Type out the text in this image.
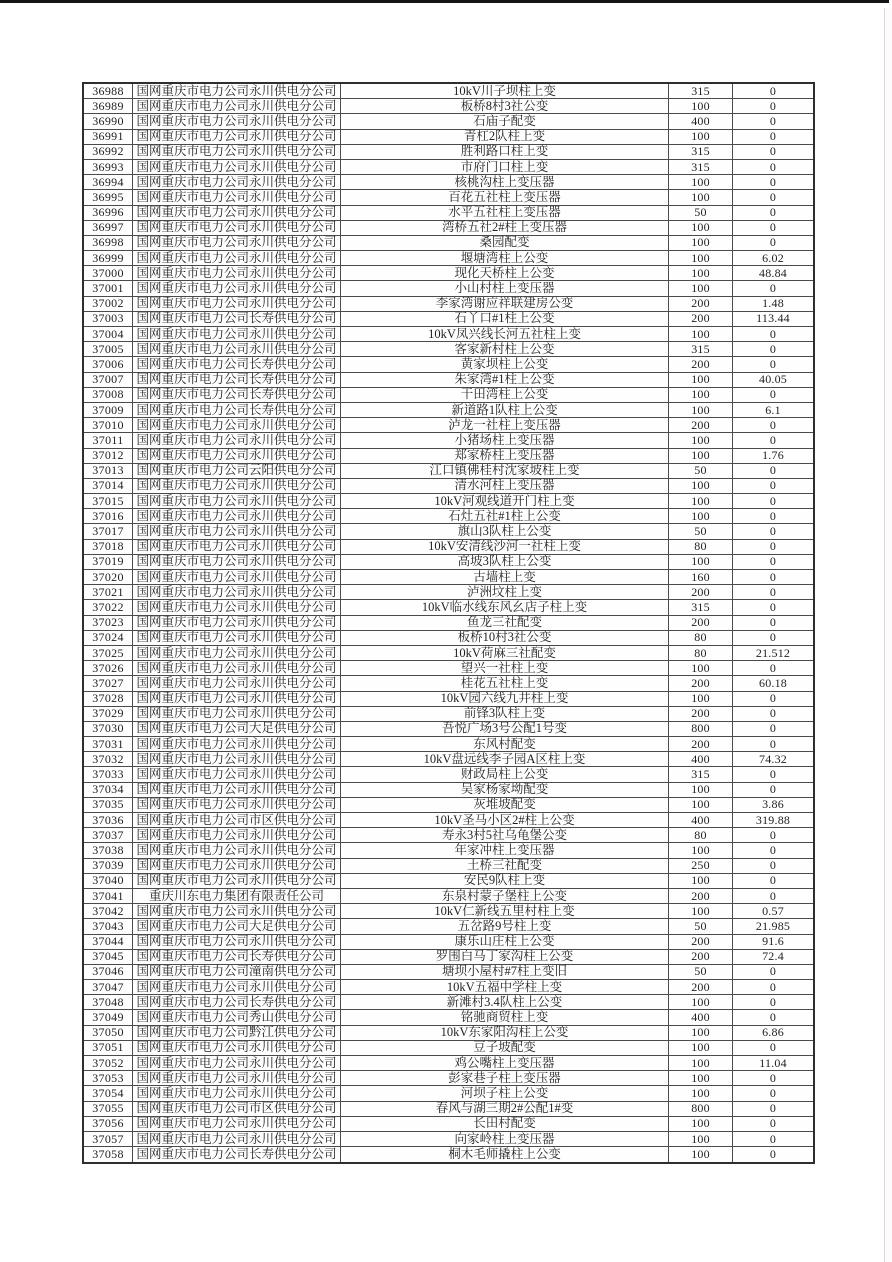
36988	国网重庆市电力公司永川供电分公司	10kV川子坝柱上变	315	0
36989	国网重庆市电力公司永川供电分公司	板桥8村3社公变	100	0
36990	国网重庆市电力公司永川供电分公司	石庙子配变	400	0
36991	国网重庆市电力公司永川供电分公司	青杠2队柱上变	100	0
36992	国网重庆市电力公司永川供电分公司	胜利路口柱上变	315	0
36993	国网重庆市电力公司永川供电分公司	市府门口柱上变	315	0
36994	国网重庆市电力公司永川供电分公司	核桃沟柱上变压器	100	0
36995	国网重庆市电力公司永川供电分公司	百花五社柱上变压器	100	0
36996	国网重庆市电力公司永川供电分公司	水平五社柱上变压器	50	0
36997	国网重庆市电力公司永川供电分公司	湾桥五社2#柱上变压器	100	0
36998	国网重庆市电力公司永川供电分公司	桑园配变	100	0
36999	国网重庆市电力公司永川供电分公司	堰塘湾柱上公变	100	6.02
37000	国网重庆市电力公司永川供电分公司	现化天桥柱上公变	100	48.84
37001	国网重庆市电力公司永川供电分公司	小山村柱上变压器	100	0
37002	国网重庆市电力公司永川供电分公司	李家湾谢应祥联建房公变	200	1.48
37003	国网重庆市电力公司长寿供电分公司	石丫口#1柱上公变	200	113.44
37004	国网重庆市电力公司永川供电分公司	10kV凤兴线长河五社柱上变	100	0
37005	国网重庆市电力公司永川供电分公司	客家新村柱上公变	315	0
37006	国网重庆市电力公司长寿供电分公司	黄家坝柱上公变	200	0
37007	国网重庆市电力公司长寿供电分公司	朱家湾#1柱上公变	100	40.05
37008	国网重庆市电力公司长寿供电分公司	干田湾柱上公变	100	0
37009	国网重庆市电力公司长寿供电分公司	新道路1队柱上公变	100	6.1
37010	国网重庆市电力公司永川供电分公司	泸龙一社柱上变压器	200	0
37011	国网重庆市电力公司永川供电分公司	小猪场柱上变压器	100	0
37012	国网重庆市电力公司永川供电分公司	郑家桥柱上变压器	100	1.76
37013	国网重庆市电力公司云阳供电分公司	江口镇佛桂村沈家坡柱上变	50	0
37014	国网重庆市电力公司永川供电分公司	清水河柱上变压器	100	0
37015	国网重庆市电力公司永川供电分公司	10kV河观线道开门柱上变	100	0
37016	国网重庆市电力公司永川供电分公司	石灶五社#1柱上公变	100	0
37017	国网重庆市电力公司永川供电分公司	旗山3队柱上公变	50	0
37018	国网重庆市电力公司永川供电分公司	10kV安清线沙河一社柱上变	80	0
37019	国网重庆市电力公司永川供电分公司	高坡3队柱上公变	100	0
37020	国网重庆市电力公司永川供电分公司	古墙柱上变	160	0
37021	国网重庆市电力公司永川供电分公司	泸洲坟柱上变	200	0
37022	国网重庆市电力公司永川供电分公司	10kV临水线东风幺店子柱上变	315	0
37023	国网重庆市电力公司永川供电分公司	鱼龙三社配变	200	0
37024	国网重庆市电力公司永川供电分公司	板桥10村3社公变	80	0
37025	国网重庆市电力公司永川供电分公司	10kV荷麻三社配变	80	21.512
37026	国网重庆市电力公司永川供电分公司	望兴一社柱上变	100	0
37027	国网重庆市电力公司永川供电分公司	桂花五社柱上变	200	60.18
37028	国网重庆市电力公司永川供电分公司	10kV园六线九井柱上变	100	0
37029	国网重庆市电力公司永川供电分公司	前锋3队柱上变	200	0
37030	国网重庆市电力公司大足供电分公司	吾悦广场3号公配1号变	800	0
37031	国网重庆市电力公司永川供电分公司	东风村配变	200	0
37032	国网重庆市电力公司永川供电分公司	10kV盘远线李子园A区柱上变	400	74.32
37033	国网重庆市电力公司永川供电分公司	财政局柱上公变	315	0
37034	国网重庆市电力公司永川供电分公司	吴家杨家坳配变	100	0
37035	国网重庆市电力公司永川供电分公司	灰堆坡配变	100	3.86
37036	国网重庆市电力公司市区供电分公司	10kV圣马小区2#柱上公变	400	319.88
37037	国网重庆市电力公司永川供电分公司	寿永3村5社乌龟堡公变	80	0
37038	国网重庆市电力公司永川供电分公司	年家冲柱上变压器	100	0
37039	国网重庆市电力公司永川供电分公司	土桥三社配变	250	0
37040	国网重庆市电力公司永川供电分公司	安民9队柱上变	100	0
37041	重庆川东电力集团有限责任公司	东泉村蒙子堡柱上公变	200	0
37042	国网重庆市电力公司永川供电分公司	10kV仁新线五里村柱上变	100	0.57
37043	国网重庆市电力公司大足供电分公司	五岔路9号柱上变	50	21.985
37044	国网重庆市电力公司永川供电分公司	康乐山庄柱上公变	200	91.6
37045	国网重庆市电力公司长寿供电分公司	罗围白马丁家沟柱上公变	200	72.4
37046	国网重庆市电力公司潼南供电分公司	塘坝小屋村#7柱上变旧	50	0
37047	国网重庆市电力公司永川供电分公司	10kV五福中学柱上变	200	0
37048	国网重庆市电力公司长寿供电分公司	新滩村3.4队柱上公变	100	0
37049	国网重庆市电力公司秀山供电分公司	铭驰商贸柱上变	400	0
37050	国网重庆市电力公司黔江供电分公司	10kV东家阳沟柱上公变	100	6.86
37051	国网重庆市电力公司永川供电分公司	豆子坡配变	100	0
37052	国网重庆市电力公司永川供电分公司	鸡公嘴柱上变压器	100	11.04
37053	国网重庆市电力公司永川供电分公司	彭家巷子柱上变压器	100	0
37054	国网重庆市电力公司永川供电分公司	河坝子柱上公变	100	0
37055	国网重庆市电力公司市区供电分公司	春风与湖三期2#公配1#变	800	0
37056	国网重庆市电力公司永川供电分公司	长田村配变	100	0
37057	国网重庆市电力公司永川供电分公司	向家岭柱上变压器	100	0
37058	国网重庆市电力公司长寿供电分公司	桐木毛师撬柱上公变	100	0
